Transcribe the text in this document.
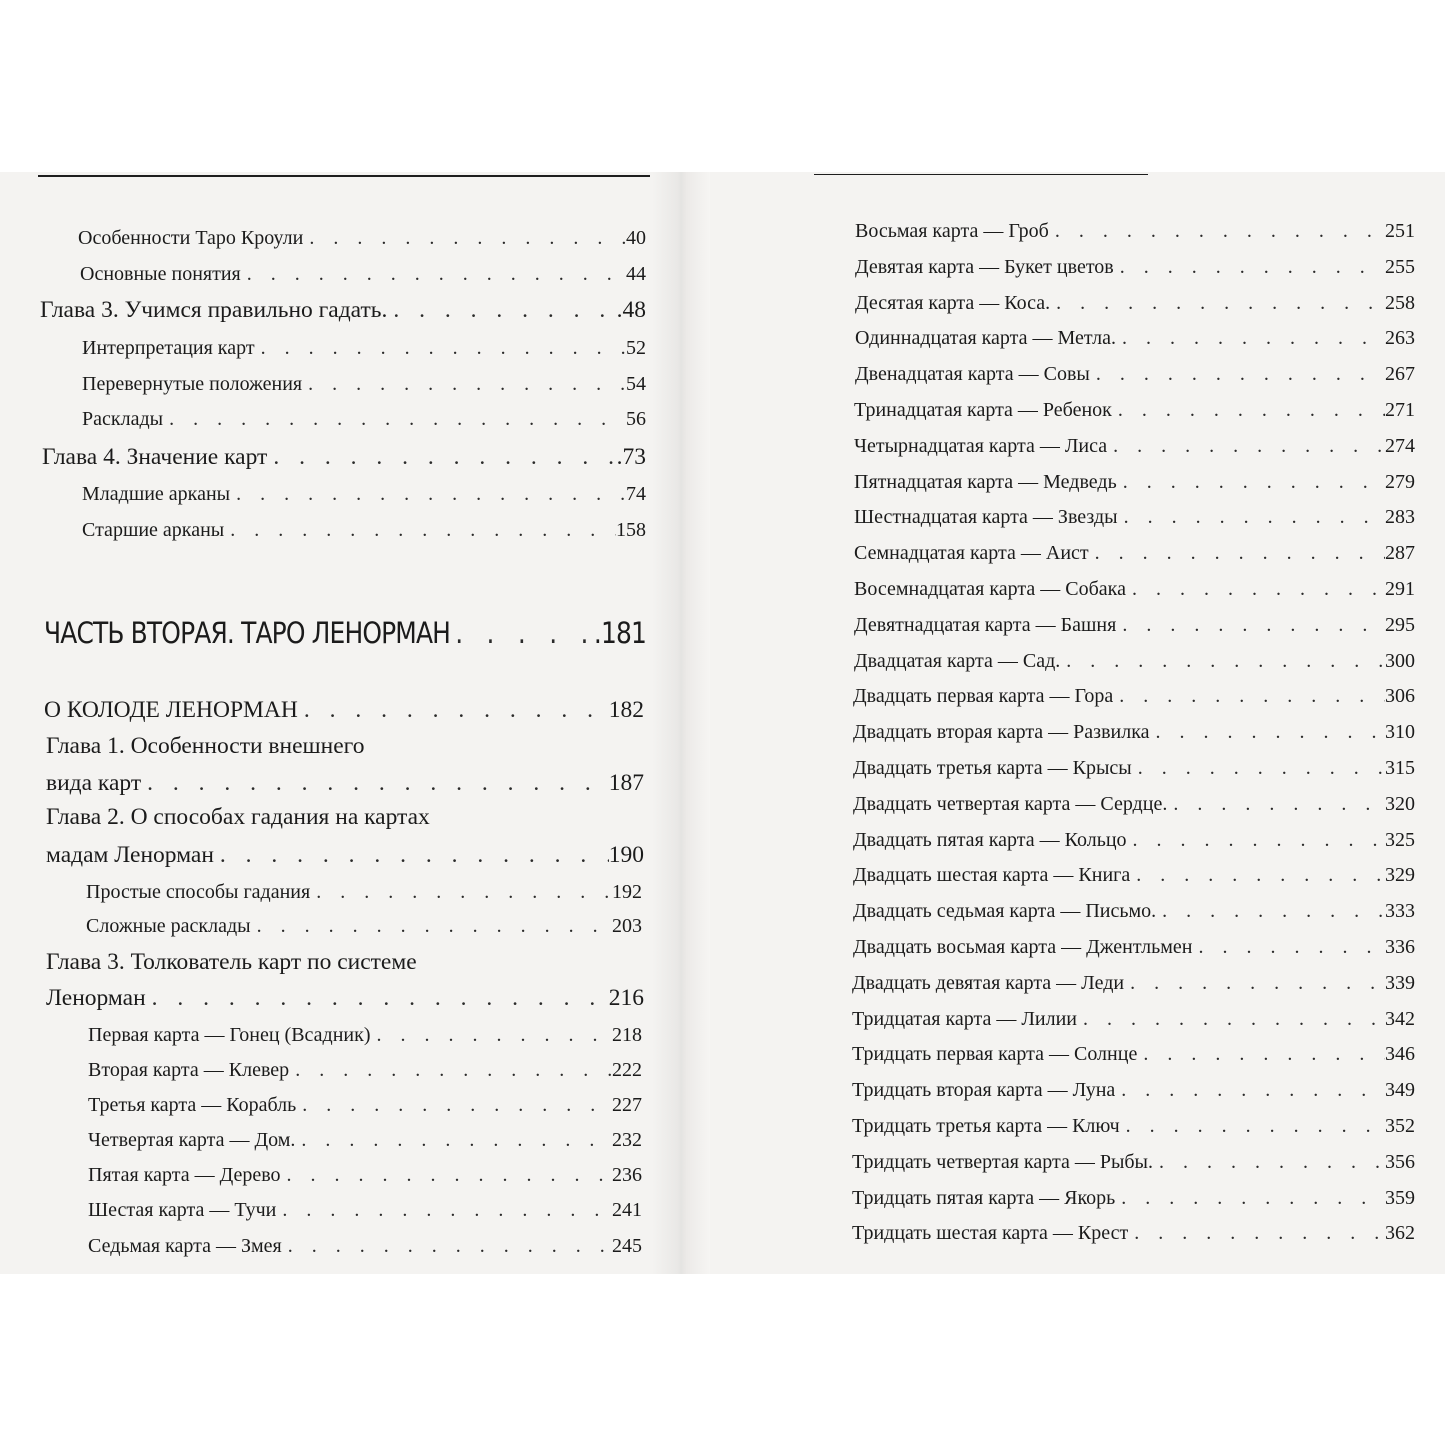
Особенности Таро Кроули . . .	40
Основные понятия . . .	44
Глава 3. Учимся правильно гадать. . . .	.48
Интерпретация карт . . .	52
Перевернутые положения . . .	54
Расклады . . .	56
Глава 4. Значение карт . . .	.73
Младшие арканы . . .	74
Старшие арканы . . .	158
ЧАСТЬ ВТОРАЯ. ТАРО ЛЕНОРМАН . . .	.181
О КОЛОДЕ ЛЕНОРМАН . . .	182
Глава 1. Особенности внешнего
вида карт . . .	187
Глава 2. О способах гадания на картах
мадам Ленорман . . .	190
Простые способы гадания . . .	192
Сложные расклады . . .	203
Глава 3. Толкователь карт по системе
Ленорман . . .	216
Первая карта — Гонец (Всадник) . . .	218
Вторая карта — Клевер . . .	222
Третья карта — Корабль . . .	227
Четвертая карта — Дом. . . .	232
Пятая карта — Дерево . . .	236
Шестая карта — Тучи . . .	241
Седьмая карта — Змея . . .	245
Восьмая карта — Гроб . . .	251
Девятая карта — Букет цветов . . .	255
Десятая карта — Коса. . . .	258
Одиннадцатая карта — Метла. . . .	263
Двенадцатая карта — Совы . . .	267
Тринадцатая карта — Ребенок . . .	271
Четырнадцатая карта — Лиса . . .	274
Пятнадцатая карта — Медведь . . .	279
Шестнадцатая карта — Звезды . . .	283
Семнадцатая карта — Аист . . .	287
Восемнадцатая карта — Собака . . .	291
Девятнадцатая карта — Башня . . .	295
Двадцатая карта — Сад. . . .	300
Двадцать первая карта — Гора . . .	306
Двадцать вторая карта — Развилка . . .	310
Двадцать третья карта — Крысы . . .	315
Двадцать четвертая карта — Сердце. . . .	320
Двадцать пятая карта — Кольцо . . .	325
Двадцать шестая карта — Книга . . .	329
Двадцать седьмая карта — Письмо. . . .	333
Двадцать восьмая карта — Джентльмен . . .	336
Двадцать девятая карта — Леди . . .	339
Тридцатая карта — Лилии . . .	342
Тридцать первая карта — Солнце . . .	346
Тридцать вторая карта — Луна . . .	349
Тридцать третья карта — Ключ . . .	352
Тридцать четвертая карта — Рыбы. . . .	356
Тридцать пятая карта — Якорь . . .	359
Тридцать шестая карта — Крест . . .	362
